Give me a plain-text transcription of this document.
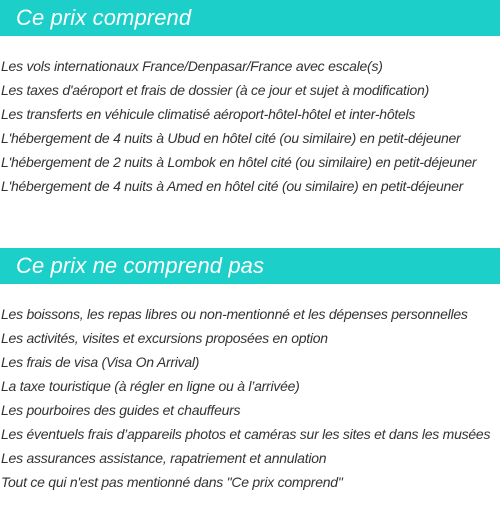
Ce prix comprend
Les vols internationaux France/Denpasar/France avec escale(s)
Les taxes d'aéroport et frais de dossier (à ce jour et sujet à modification)
Les transferts en véhicule climatisé aéroport-hôtel-hôtel et inter-hôtels
L'hébergement de 4 nuits à Ubud en hôtel cité (ou similaire) en petit-déjeuner
L'hébergement de 2 nuits à Lombok en hôtel cité (ou similaire) en petit-déjeuner
L'hébergement de 4 nuits à Amed en hôtel cité (ou similaire) en petit-déjeuner
Ce prix ne comprend pas
Les boissons, les repas libres ou non-mentionné et les dépenses personnelles
Les activités, visites et excursions proposées en option
Les frais de visa (Visa On Arrival)
La taxe touristique (à régler en ligne ou à l’arrivée)
Les pourboires des guides et chauffeurs
Les éventuels frais d’appareils photos et caméras sur les sites et dans les musées
Les assurances assistance, rapatriement et annulation
Tout ce qui n'est pas mentionné dans "Ce prix comprend"
